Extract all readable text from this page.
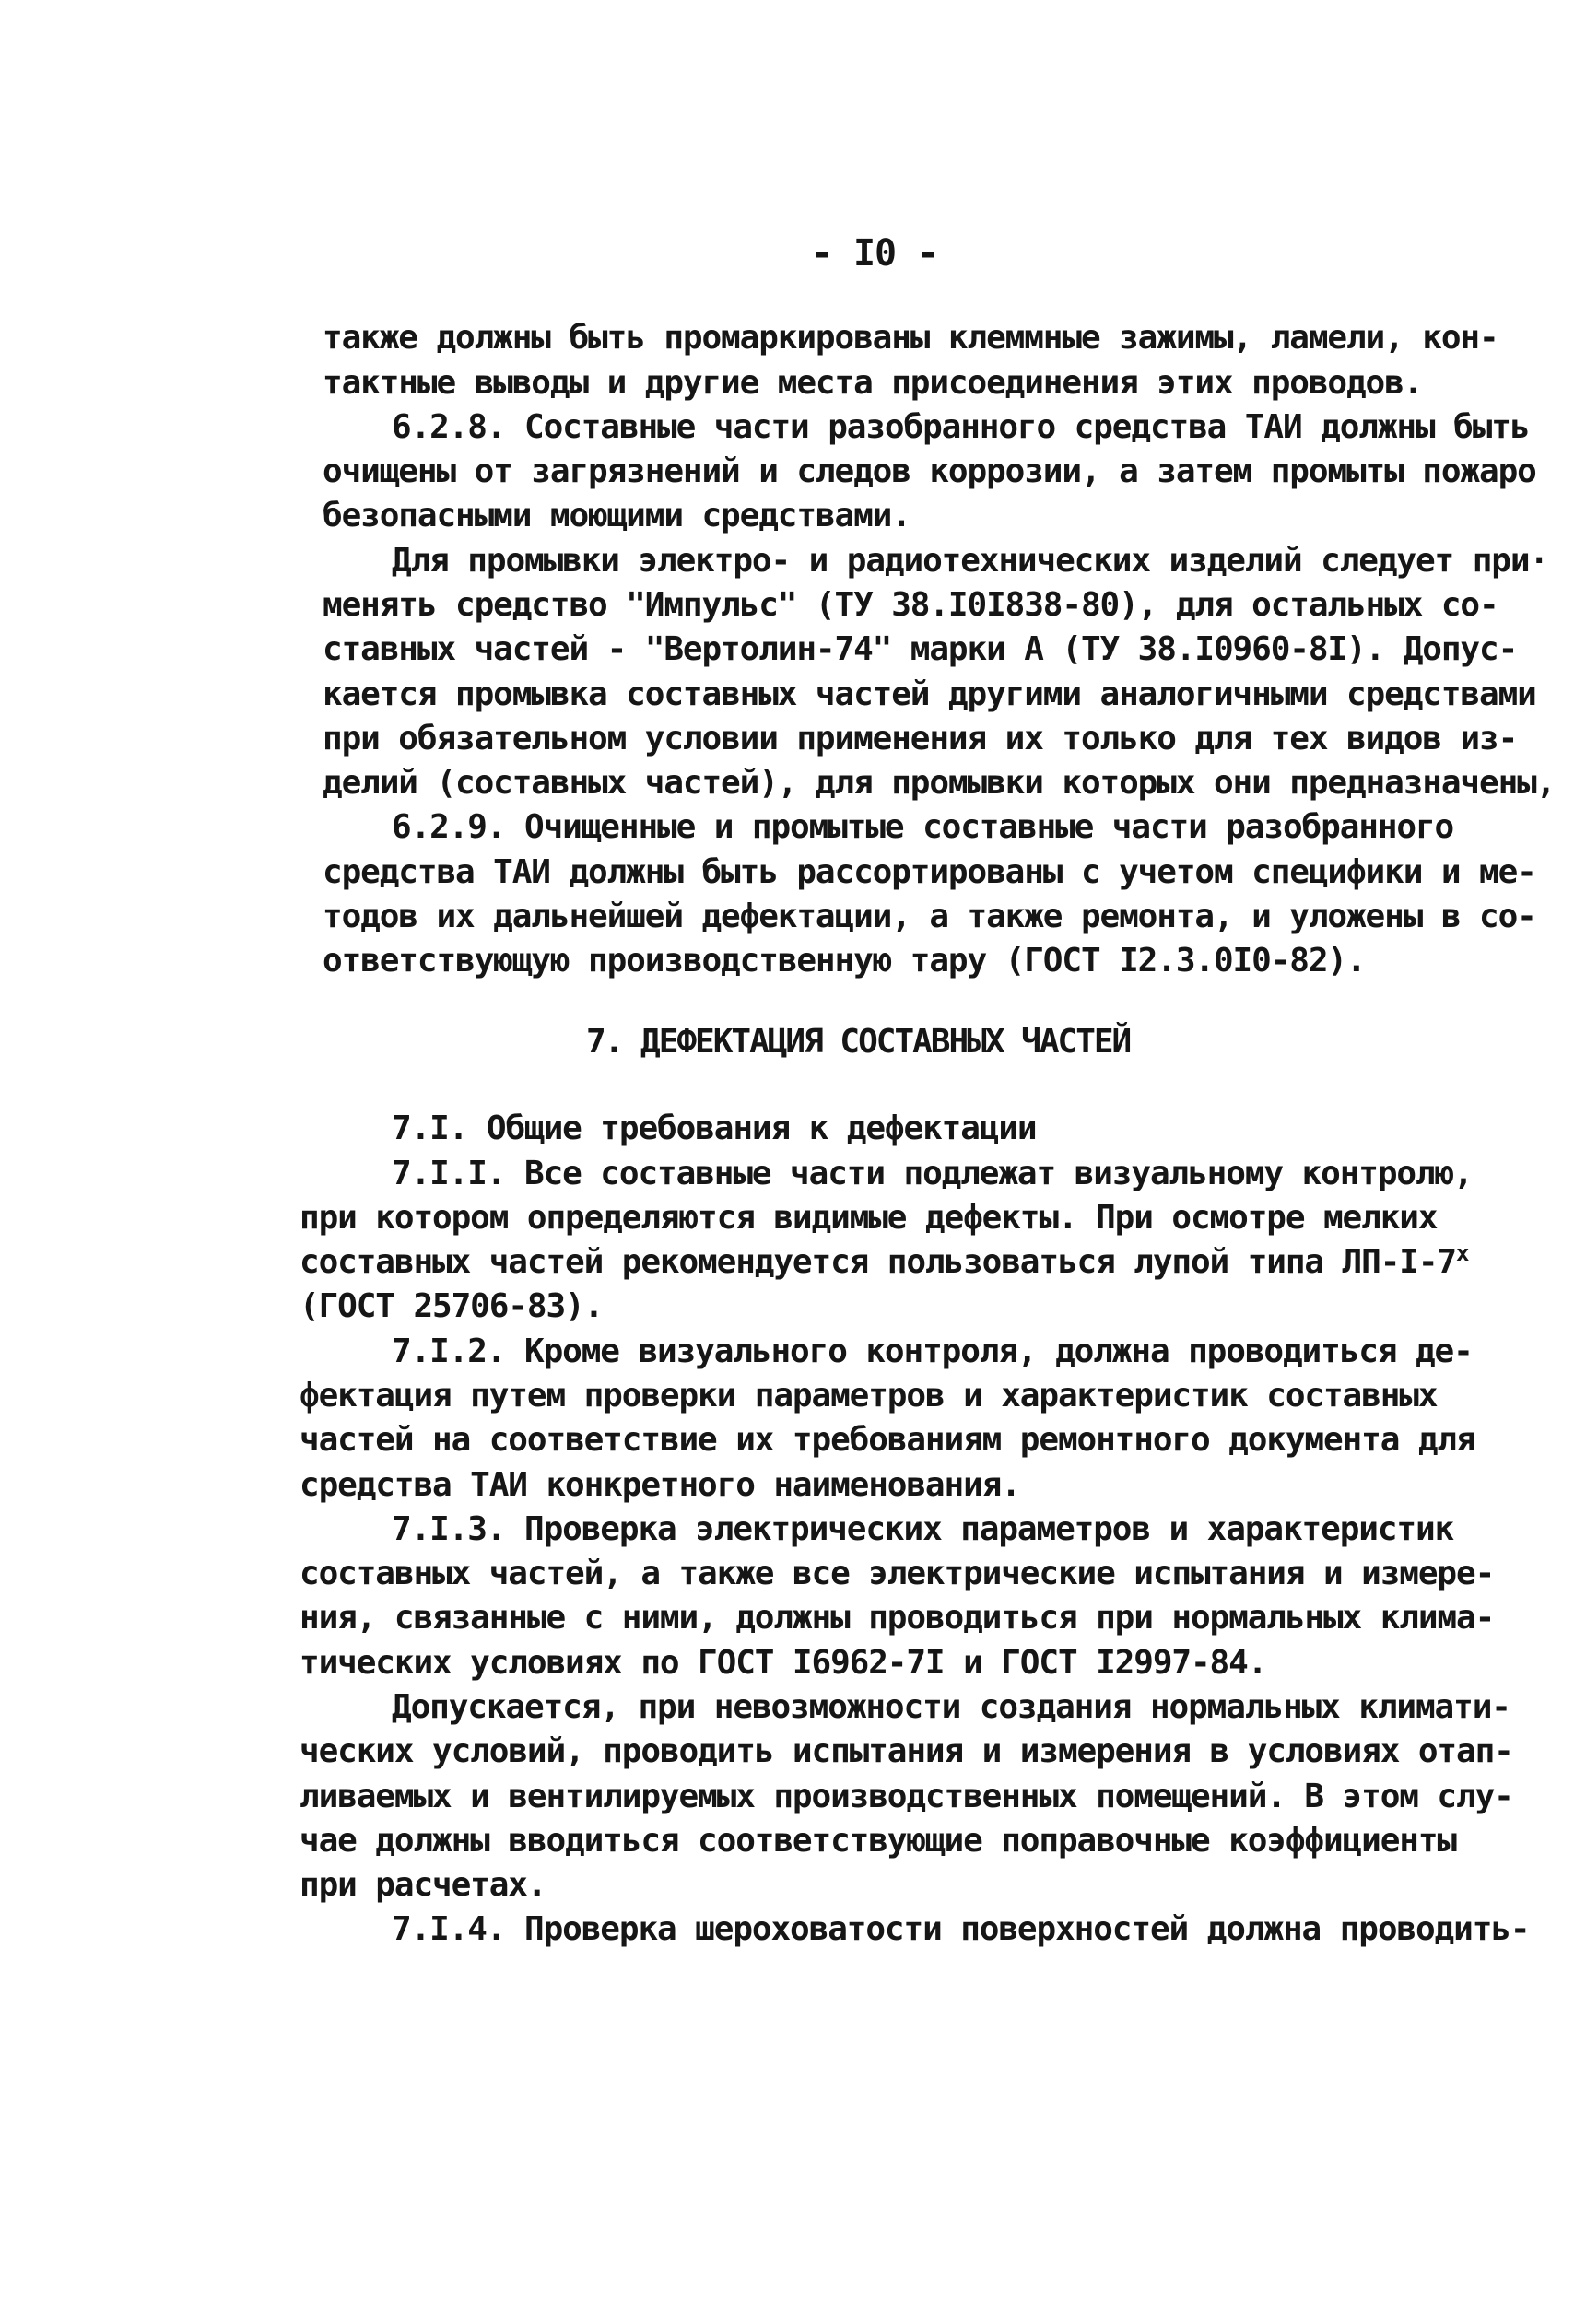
- I0 -
также должны быть промаркированы клеммные зажимы, ламели, кон-
тактные выводы и другие места присоединения этих проводов.
6.2.8. Составные части разобранного средства ТАИ должны быть
очищены от загрязнений и следов коррозии, а затем промыты пожаро
безопасными моющими средствами.
Для промывки электро- и радиотехнических изделий следует при·
менять средство "Импульс" (ТУ 38.I0I838-80), для остальных со-
ставных частей - "Вертолин-74" марки А (ТУ 38.I0960-8I). Допус-
кается промывка составных частей другими аналогичными средствами
при обязательном условии применения их только для тех видов из-
делий (составных частей), для промывки которых они предназначены,
6.2.9. Очищенные и промытые составные части разобранного
средства ТАИ должны быть рассортированы с учетом специфики и ме-
тодов их дальнейшей дефектации, а также ремонта, и уложены в со-
ответствующую производственную тару (ГОСТ I2.3.0I0-82).
7. ДЕФЕКТАЦИЯ СОСТАВНЫХ ЧАСТЕЙ
7.I. Общие требования к дефектации
7.I.I. Все составные части подлежат визуальному контролю,
при котором определяются видимые дефекты. При осмотре мелких
составных частей рекомендуется пользоваться лупой типа ЛП-I-7$^x$
(ГОСТ 25706-83).
7.I.2. Кроме визуального контроля, должна проводиться де-
фектация путем проверки параметров и характеристик составных
частей на соответствие их требованиям ремонтного документа для
средства ТАИ конкретного наименования.
7.I.3. Проверка электрических параметров и характеристик
составных частей, а также все электрические испытания и измере-
ния, связанные с ними, должны проводиться при нормальных клима-
тических условиях по ГОСТ I6962-7I и ГОСТ I2997-84.
Допускается, при невозможности создания нормальных климати-
ческих условий, проводить испытания и измерения в условиях отап-
ливаемых и вентилируемых производственных помещений. В этом слу-
чае должны вводиться соответствующие поправочные коэффициенты
при расчетах.
7.I.4. Проверка шероховатости поверхностей должна проводить-
